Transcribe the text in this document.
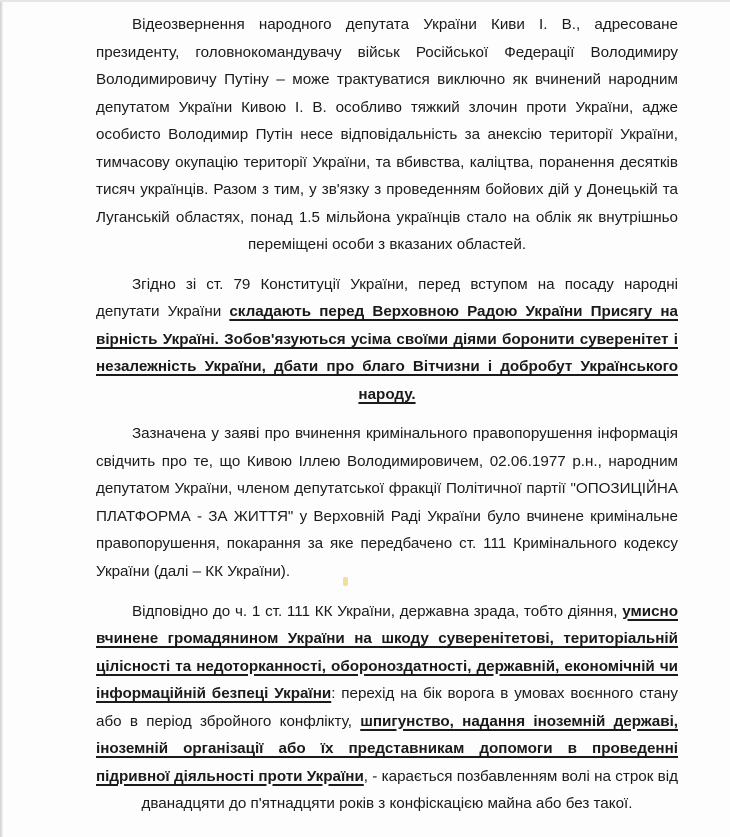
Відеозвернення народного депутата України Киви І. В., адресоване президенту, головнокомандувачу військ Російської Федерації Володимиру Володимировичу Путіну – може трактуватися виключно як вчинений народним депутатом України Кивою І. В. особливо тяжкий злочин проти України, адже особисто Володимир Путін несе відповідальність за анексію території України, тимчасову окупацію території України, та вбивства, каліцтва, поранення десятків тисяч українців. Разом з тим, у зв'язку з проведенням бойових дій у Донецькій та Луганській областях, понад 1.5 мільйона українців стало на облік як внутрішньо переміщені особи з вказаних областей.

Згідно зі ст. 79 Конституції України, перед вступом на посаду народні депутати України складають перед Верховною Радою України Присягу на вірність Україні. Зобов'язуються усіма своїми діями боронити суверенітет і незалежність України, дбати про благо Вітчизни і добробут Українського народу.

Зазначена у заяві про вчинення кримінального правопорушення інформація свідчить про те, що Кивою Іллею Володимировичем, 02.06.1977 р.н., народним депутатом України, членом депутатської фракції Політичної партії "ОПОЗИЦІЙНА ПЛАТФОРМА - ЗА ЖИТТЯ" у Верховній Раді України було вчинене кримінальне правопорушення, покарання за яке передбачено ст. 111 Кримінального кодексу України (далі – КК України).

Відповідно до ч. 1 ст. 111 КК України, державна зрада, тобто діяння, умисно вчинене громадянином України на шкоду суверенітетові, територіальній цілісності та недоторканності, обороноздатності, державній, економічній чи інформаційній безпеці України: перехід на бік ворога в умовах воєнного стану або в період збройного конфлікту, шпигунство, надання іноземній державі, іноземній організації або їх представникам допомоги в проведенні підривної діяльності проти України, - карається позбавленням волі на строк від дванадцяти до п'ятнадцяти років з конфіскацією майна або без такої.
